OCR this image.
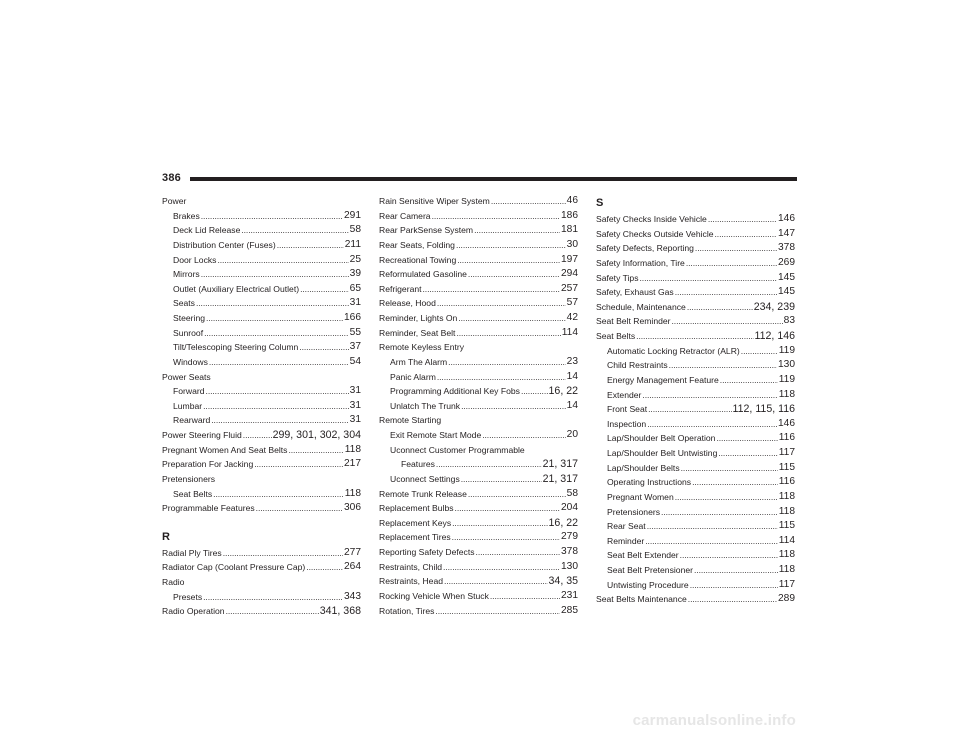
386
Power
Brakes .....	291
Deck Lid Release .....	58
Distribution Center (Fuses) .....	211
Door Locks .....	25
Mirrors .....	39
Outlet (Auxiliary Electrical Outlet) .....	65
Seats .....	31
Steering .....	166
Sunroof .....	55
Tilt/Telescoping Steering Column .....	37
Windows .....	54
Power Seats
Forward .....	31
Lumbar .....	31
Rearward .....	31
Power Steering Fluid .....	299, 301, 302, 304
Pregnant Women And Seat Belts .....	118
Preparation For Jacking .....	217
Pretensioners
Seat Belts .....	118
Programmable Features .....	306
R
Radial Ply Tires .....	277
Radiator Cap (Coolant Pressure Cap) .....	264
Radio
Presets .....	343
Radio Operation .....	341, 368
Rain Sensitive Wiper System .....	46
Rear Camera .....	186
Rear ParkSense System .....	181
Rear Seats, Folding .....	30
Recreational Towing .....	197
Reformulated Gasoline .....	294
Refrigerant .....	257
Release, Hood .....	57
Reminder, Lights On .....	42
Reminder, Seat Belt .....	114
Remote Keyless Entry
Arm The Alarm .....	23
Panic Alarm .....	14
Programming Additional Key Fobs .....	16, 22
Unlatch The Trunk .....	14
Remote Starting
Exit Remote Start Mode .....	20
Uconnect Customer Programmable
Features .....	21, 317
Uconnect Settings .....	21, 317
Remote Trunk Release .....	58
Replacement Bulbs .....	204
Replacement Keys .....	16, 22
Replacement Tires .....	279
Reporting Safety Defects .....	378
Restraints, Child .....	130
Restraints, Head .....	34, 35
Rocking Vehicle When Stuck .....	231
Rotation, Tires .....	285
S
Safety Checks Inside Vehicle .....	146
Safety Checks Outside Vehicle .....	147
Safety Defects, Reporting .....	378
Safety Information, Tire .....	269
Safety Tips .....	145
Safety, Exhaust Gas .....	145
Schedule, Maintenance .....	234, 239
Seat Belt Reminder .....	83
Seat Belts .....	112, 146
Automatic Locking Retractor (ALR) .....	119
Child Restraints .....	130
Energy Management Feature .....	119
Extender .....	118
Front Seat .....	112, 115, 116
Inspection .....	146
Lap/Shoulder Belt Operation .....	116
Lap/Shoulder Belt Untwisting .....	117
Lap/Shoulder Belts .....	115
Operating Instructions .....	116
Pregnant Women .....	118
Pretensioners .....	118
Rear Seat .....	115
Reminder .....	114
Seat Belt Extender .....	118
Seat Belt Pretensioner .....	118
Untwisting Procedure .....	117
Seat Belts Maintenance .....	289
carmanualsonline.info
